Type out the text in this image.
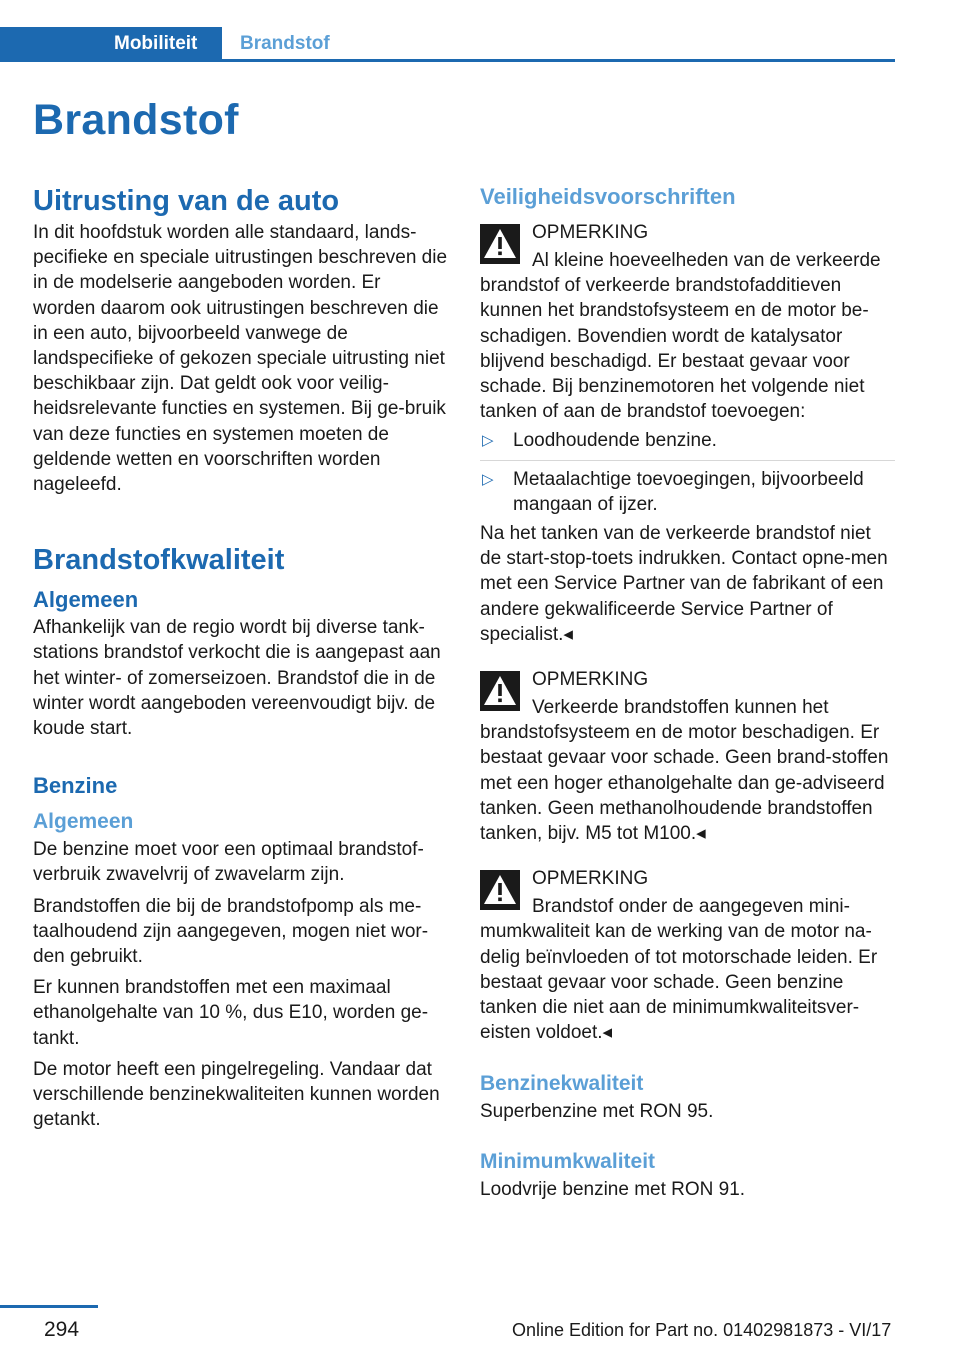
Mobiliteit	Brandstof
Brandstof
Uitrusting van de auto

In dit hoofdstuk worden alle standaard, lands-pecifieke en speciale uitrustingen beschreven die in de modelserie aangeboden worden. Er worden daarom ook uitrustingen beschreven die in een auto, bijvoorbeeld vanwege de landspecifieke of gekozen speciale uitrusting niet beschikbaar zijn. Dat geldt ook voor veilig-heidsrelevante functies en systemen. Bij ge-bruik van deze functies en systemen moeten de geldende wetten en voorschriften worden nageleefd.

Brandstofkwaliteit
Algemeen

Afhankelijk van de regio wordt bij diverse tank-stations brandstof verkocht die is aangepast aan het winter- of zomerseizoen. Brandstof die in de winter wordt aangeboden vereenvoudigt bijv. de koude start.

Benzine
Algemeen

De benzine moet voor een optimaal brandstof-verbruik zwavelvrij of zwavelarm zijn.

Brandstoffen die bij de brandstofpomp als me-taalhoudend zijn aangegeven, mogen niet wor-den gebruikt.

Er kunnen brandstoffen met een maximaal ethanolgehalte van 10 %, dus E10, worden ge-tankt.

De motor heeft een pingelregeling. Vandaar dat verschillende benzinekwaliteiten kunnen worden getankt.

Veiligheidsvoorschriften
OPMERKING

Al kleine hoeveelheden van de verkeerde brandstof of verkeerde brandstofadditieven kunnen het brandstofsysteem en de motor be-schadigen. Bovendien wordt de katalysator blijvend beschadigd. Er bestaat gevaar voor schade. Bij benzinemotoren het volgende niet tanken of aan de brandstof toevoegen:

▷ Loodhoudende benzine.
▷ Metaalachtige toevoegingen, bijvoorbeeld mangaan of ijzer.

Na het tanken van de verkeerde brandstof niet de start-stop-toets indrukken. Contact opne-men met een Service Partner van de fabrikant of een andere gekwalificeerde Service Partner of specialist.◂

OPMERKING

Verkeerde brandstoffen kunnen het brandstofsysteem en de motor beschadigen. Er bestaat gevaar voor schade. Geen brand-stoffen met een hoger ethanolgehalte dan ge-adviseerd tanken. Geen methanolhoudende brandstoffen tanken, bijv. M5 tot M100.◂

OPMERKING

Brandstof onder de aangegeven mini-mumkwaliteit kan de werking van de motor na-delig beïnvloeden of tot motorschade leiden. Er bestaat gevaar voor schade. Geen benzine tanken die niet aan de minimumkwaliteitsver-eisten voldoet.◂

Benzinekwaliteit

Superbenzine met RON 95.

Minimumkwaliteit

Loodvrije benzine met RON 91.

294	Online Edition for Part no. 01402981873 - VI/17
